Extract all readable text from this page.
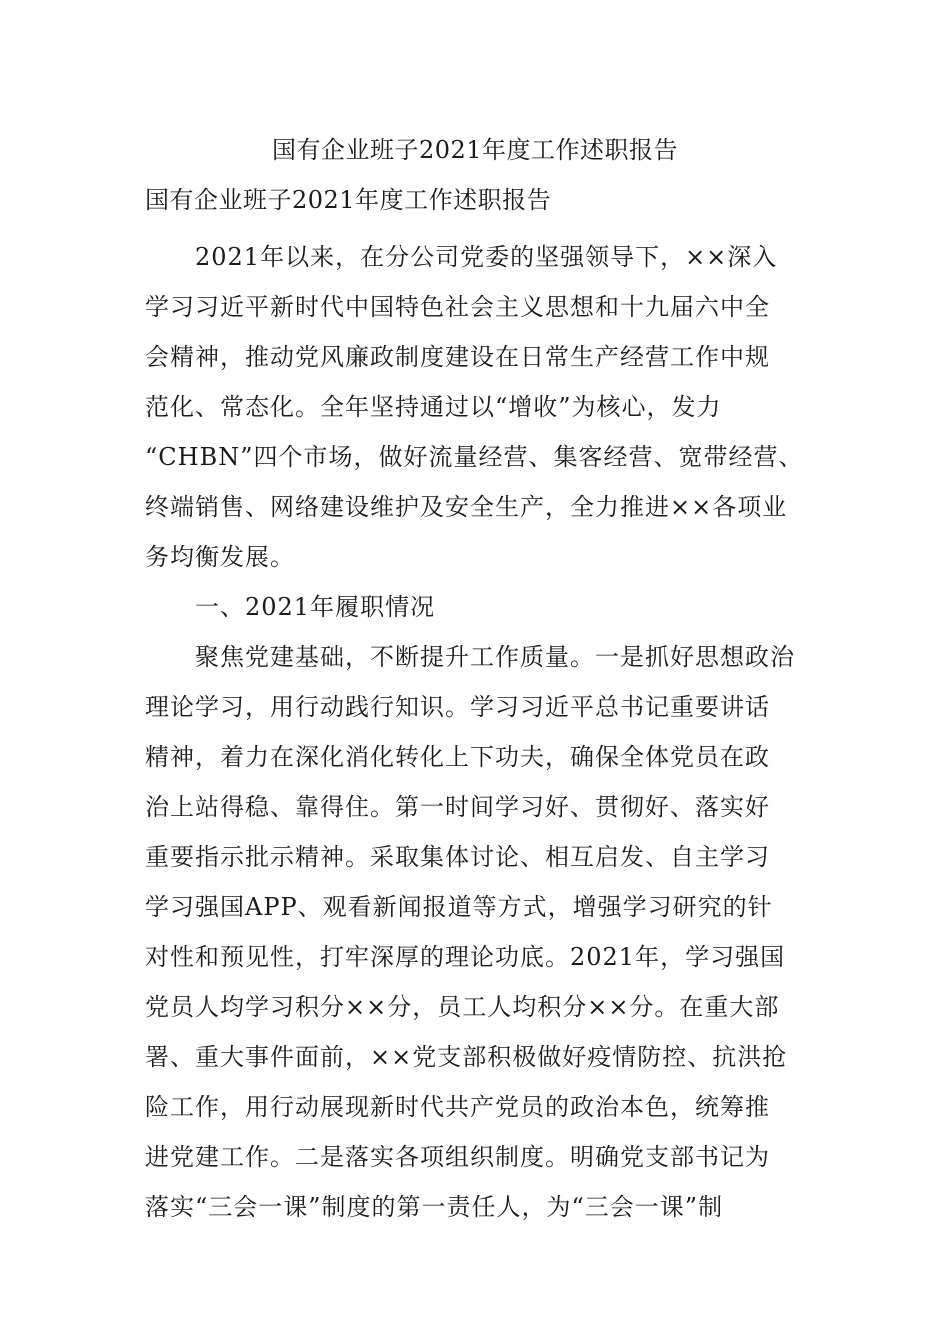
国有企业班子2021年度工作述职报告
国有企业班子2021年度工作述职报告
　　2021年以来，在分公司党委的坚强领导下，××深入
学习习近平新时代中国特色社会主义思想和十九届六中全
会精神，推动党风廉政制度建设在日常生产经营工作中规
范化、常态化。全年坚持通过以“增收”为核心，发力
“CHBN”四个市场，做好流量经营、集客经营、宽带经营、
终端销售、网络建设维护及安全生产，全力推进××各项业
务均衡发展。
　　一、2021年履职情况
　　聚焦党建基础，不断提升工作质量。一是抓好思想政治
理论学习，用行动践行知识。学习习近平总书记重要讲话
精神，着力在深化消化转化上下功夫，确保全体党员在政
治上站得稳、靠得住。第一时间学习好、贯彻好、落实好
重要指示批示精神。采取集体讨论、相互启发、自主学习
学习强国APP、观看新闻报道等方式，增强学习研究的针
对性和预见性，打牢深厚的理论功底。2021年，学习强国
党员人均学习积分××分，员工人均积分××分。在重大部
署、重大事件面前，××党支部积极做好疫情防控、抗洪抢
险工作，用行动展现新时代共产党员的政治本色，统筹推
进党建工作。二是落实各项组织制度。明确党支部书记为
落实“三会一课”制度的第一责任人，为“三会一课”制
